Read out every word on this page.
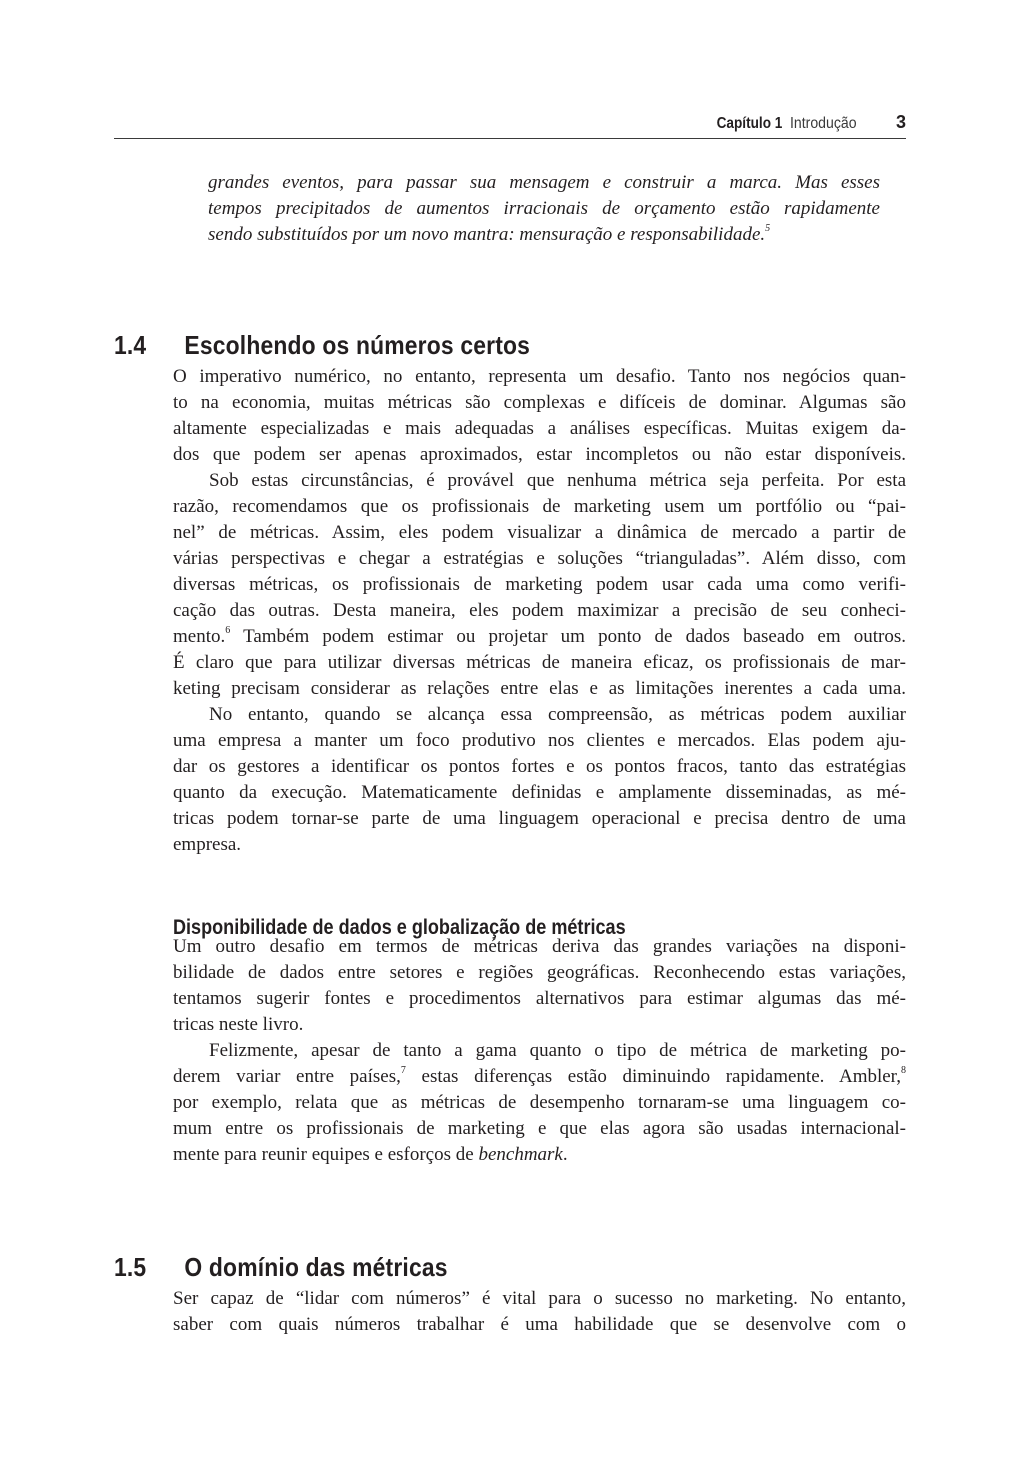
Capítulo 1 Introdução 3
grandes eventos, para passar sua mensagem e construir a marca. Mas esses
tempos precipitados de aumentos irracionais de orçamento estão rapidamente
sendo substituídos por um novo mantra: mensuração e responsabilidade.$^5$
1.4	Escolhendo os números certos
O imperativo numérico, no entanto, representa um desafio. Tanto nos negócios quan-
to na economia, muitas métricas são complexas e difíceis de dominar. Algumas são
altamente especializadas e mais adequadas a análises específicas. Muitas exigem da-
dos que podem ser apenas aproximados, estar incompletos ou não estar disponíveis.
Sob estas circunstâncias, é provável que nenhuma métrica seja perfeita. Por esta
razão, recomendamos que os profissionais de marketing usem um portfólio ou “pai-
nel” de métricas. Assim, eles podem visualizar a dinâmica de mercado a partir de
várias perspectivas e chegar a estratégias e soluções “trianguladas”. Além disso, com
diversas métricas, os profissionais de marketing podem usar cada uma como verifi-
cação das outras. Desta maneira, eles podem maximizar a precisão de seu conheci-
mento.$^6$ Também podem estimar ou projetar um ponto de dados baseado em outros.
É claro que para utilizar diversas métricas de maneira eficaz, os profissionais de mar-
keting precisam considerar as relações entre elas e as limitações inerentes a cada uma.
No entanto, quando se alcança essa compreensão, as métricas podem auxiliar
uma empresa a manter um foco produtivo nos clientes e mercados. Elas podem aju-
dar os gestores a identificar os pontos fortes e os pontos fracos, tanto das estratégias
quanto da execução. Matematicamente definidas e amplamente disseminadas, as mé-
tricas podem tornar-se parte de uma linguagem operacional e precisa dentro de uma
empresa.
Disponibilidade de dados e globalização de métricas
Um outro desafio em termos de métricas deriva das grandes variações na disponi-
bilidade de dados entre setores e regiões geográficas. Reconhecendo estas variações,
tentamos sugerir fontes e procedimentos alternativos para estimar algumas das mé-
tricas neste livro.
Felizmente, apesar de tanto a gama quanto o tipo de métrica de marketing po-
derem variar entre países,$^7$ estas diferenças estão diminuindo rapidamente. Ambler,$^8$
por exemplo, relata que as métricas de desempenho tornaram-se uma linguagem co-
mum entre os profissionais de marketing e que elas agora são usadas internacional-
mente para reunir equipes e esforços de benchmark.
1.5	O domínio das métricas
Ser capaz de “lidar com números” é vital para o sucesso no marketing. No entanto,
saber com quais números trabalhar é uma habilidade que se desenvolve com o
